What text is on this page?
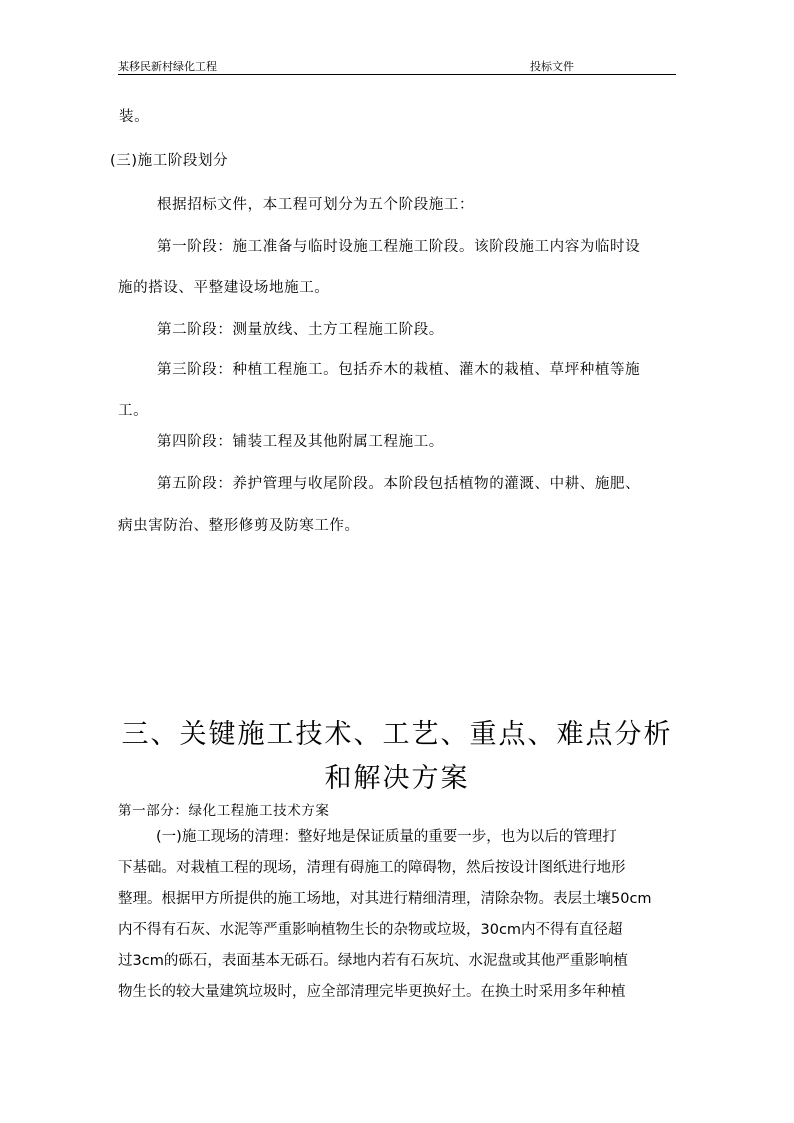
某移民新村绿化工程	投标文件
装。
(三)施工阶段划分
根据招标文件，本工程可划分为五个阶段施工：
第一阶段：施工准备与临时设施工程施工阶段。该阶段施工内容为临时设
施的搭设、平整建设场地施工。
第二阶段：测量放线、土方工程施工阶段。
第三阶段：种植工程施工。包括乔木的栽植、灌木的栽植、草坪种植等施
工。
第四阶段：铺装工程及其他附属工程施工。
第五阶段：养护管理与收尾阶段。本阶段包括植物的灌溉、中耕、施肥、
病虫害防治、整形修剪及防寒工作。
三、关键施工技术、工艺、重点、难点分析
和解决方案
第一部分：绿化工程施工技术方案
(一)施工现场的清理：整好地是保证质量的重要一步，也为以后的管理打
下基础。对栽植工程的现场，清理有碍施工的障碍物，然后按设计图纸进行地形
整理。根据甲方所提供的施工场地，对其进行精细清理，清除杂物。表层土壤50cm
内不得有石灰、水泥等严重影响植物生长的杂物或垃圾，30cm内不得有直径超
过3cm的砾石，表面基本无砾石。绿地内若有石灰坑、水泥盘或其他严重影响植
物生长的较大量建筑垃圾时，应全部清理完毕更换好土。在换土时采用多年种植
